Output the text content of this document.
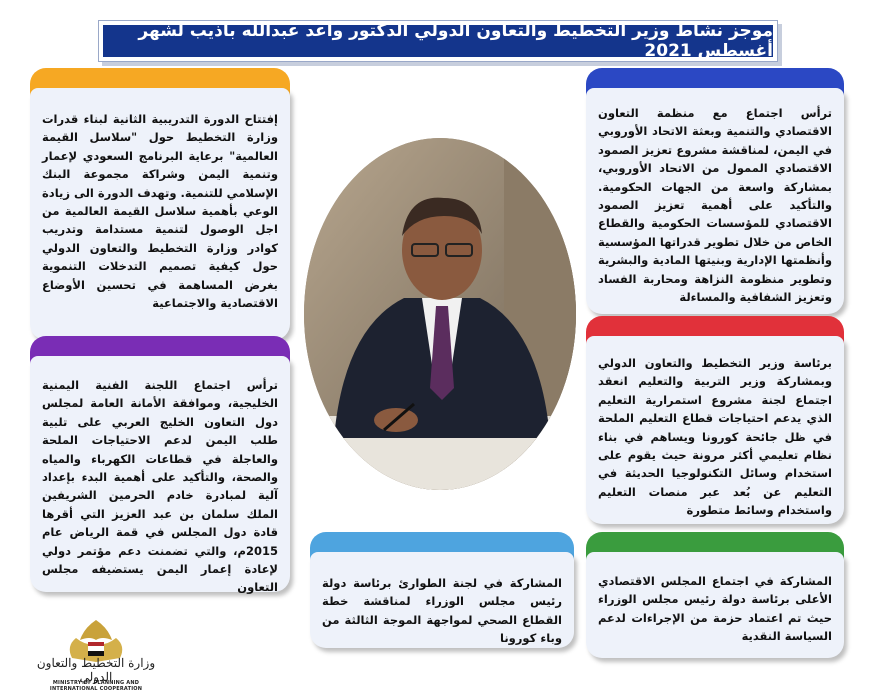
موجز نشاط وزير التخطيط والتعاون الدولي الدكتور واعد عبدالله باذيب لشهر أغسطس 2021
إفتتاح الدورة التدريبية الثانية لبناء قدرات وزارة التخطيط حول "سلاسل القيمة العالمية" برعاية البرنامج السعودي لإعمار وتنمية اليمن وشراكة مجموعة البنك الإسلامي للتنمية. وتهدف الدورة الى زيادة الوعي بأهمية سلاسل القيمة العالمية من اجل الوصول لتنمية مستدامة وتدريب كوادر وزارة التخطيط والتعاون الدولي حول كيفية تصميم التدخلات التنموية بغرض المساهمة في تحسين الأوضاع الاقتصادية والاجتماعية
ترأس اجتماع اللجنة الفنية اليمنية الخليجية، وموافقة الأمانة العامة لمجلس دول التعاون الخليج العربي على تلبية طلب اليمن لدعم الاحتياجات الملحة والعاجلة في قطاعات الكهرباء والمياه والصحة، والتأكيد على أهمية البدء بإعداد آلية لمبادرة خادم الحرمين الشريفين الملك سلمان بن عبد العزيز التي أقرها قادة دول المجلس في قمة الرياض عام 2015م، والتي تضمنت دعم مؤتمر دولي لإعادة إعمار اليمن يستضيفه مجلس التعاون
ترأس اجتماع مع منظمة التعاون الاقتصادي والتنمية وبعثة الاتحاد الأوروبي في اليمن، لمناقشة مشروع تعزيز الصمود الاقتصادي الممول من الاتحاد الأوروبي، بمشاركة واسعة من الجهات الحكومية. والتأكيد على أهمية تعزيز الصمود الاقتصادي للمؤسسات الحكومية والقطاع الخاص من خلال تطوير قدراتها المؤسسية وأنظمتها الإدارية وبنيتها المادية والبشرية وتطوير منظومة النزاهة ومحاربة الفساد وتعزيز الشفافية والمساءلة
برئاسة وزير التخطيط والتعاون الدولي وبمشاركة وزير التربية والتعليم انعقد اجتماع لجنة مشروع استمرارية التعليم الذي يدعم احتياجات قطاع التعليم الملحة في ظل جائحة كورونا ويساهم في بناء نظام تعليمي أكثر مرونة حيث يقوم على استخدام وسائل التكنولوجيا الحديثة في التعليم عن بُعد عبر منصات التعليم واستخدام وسائط متطورة
المشاركة في اجتماع المجلس الاقتصادي الأعلى برئاسة دولة رئيس مجلس الوزراء حيث تم اعتماد حزمة من الإجراءات لدعم السياسة النقدية
المشاركة في لجنة الطوارئ برئاسة دولة رئيس مجلس الوزراء لمناقشة خطة القطاع الصحي لمواجهة الموجة الثالثة من وباء كورونا
وزارة التخطيط والتعاون الدولي
MINISTRY OF PLANNING AND INTERNATIONAL COOPERATION
